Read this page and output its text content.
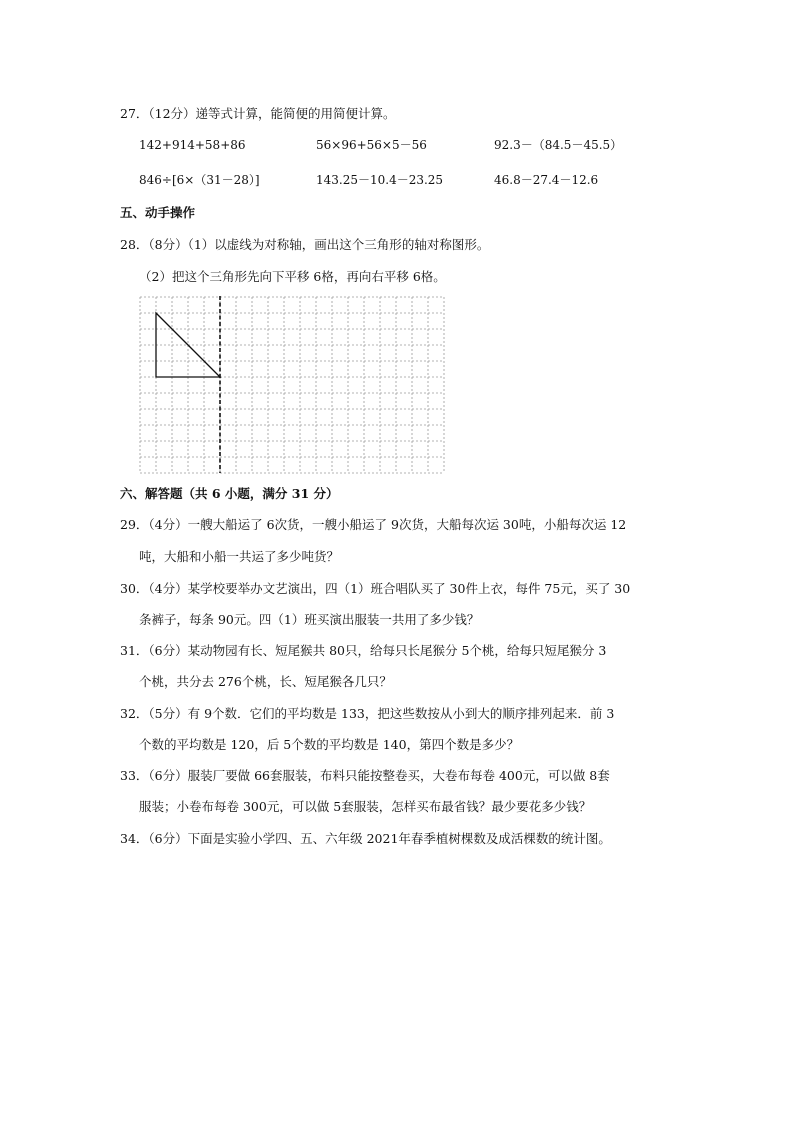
27．（12分）递等式计算，能简便的用简便计算。
142+914+58+86	56×96+56×5－56	92.3－（84.5－45.5）
846÷[6×（31－28）]	143.25－10.4－23.25	46.8－27.4－12.6
五、动手操作
28．（8分）（1）以虚线为对称轴，画出这个三角形的轴对称图形。
（2）把这个三角形先向下平移 6格，再向右平移 6格。
六、解答题（共 6 小题，满分 31 分）
29．（4分）一艘大船运了 6次货，一艘小船运了 9次货，大船每次运 30吨，小船每次运 12
吨，大船和小船一共运了多少吨货？
30．（4分）某学校要举办文艺演出，四（1）班合唱队买了 30件上衣，每件 75元，买了 30
条裤子，每条 90元。四（1）班买演出服装一共用了多少钱？
31．（6分）某动物园有长、短尾猴共 80只，给每只长尾猴分 5个桃，给每只短尾猴分 3
个桃，共分去 276个桃，长、短尾猴各几只？
32．（5分）有 9个数．它们的平均数是 133，把这些数按从小到大的顺序排列起来．前 3
个数的平均数是 120，后 5个数的平均数是 140，第四个数是多少？
33．（6分）服装厂要做 66套服装，布料只能按整卷买，大卷布每卷 400元，可以做 8套
服装；小卷布每卷 300元，可以做 5套服装，怎样买布最省钱？最少要花多少钱？
34．（6分）下面是实验小学四、五、六年级 2021年春季植树棵数及成活棵数的统计图。
